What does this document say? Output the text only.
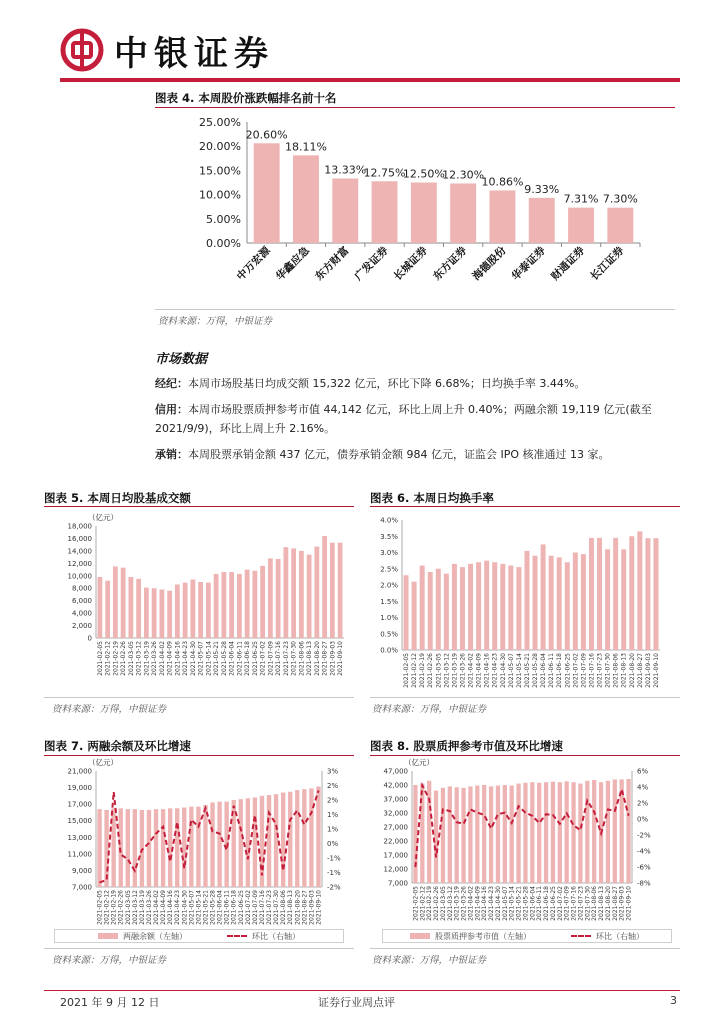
中银证券
图表 4. 本周股价涨跌幅排名前十名
0.00%
5.00%
10.00%
15.00%
20.00%
25.00%
20.60%
中万宏源
18.11%
华鑫应急
13.33%
东方财富
12.75%
广发证券
12.50%
长城证券
12.30%
东方证券
10.86%
海德股份
9.33%
华泰证券
7.31%
财通证券
7.30%
长江证券
资料来源：万得，中银证券
市场数据
经纪：本周市场股基日均成交额 15,322 亿元，环比下降 6.68%；日均换手率 3.44%。
信用：本周市场股票质押参考市值 44,142 亿元，环比上周上升 0.40%；两融余额 19,119 亿元(截至 2021/9/9)，环比上周上升 2.16%。
承销：本周股票承销金额 437 亿元，债券承销金额 984 亿元，证监会 IPO 核准通过 13 家。
图表 5. 本周日均股基成交额
（亿元）
0
2,000
4,000
6,000
8,000
10,000
12,000
14,000
16,000
18,000
2021-02-05 2021-02-12 2021-02-19 2021-02-26 2021-03-05 2021-03-12 2021-03-19 2021-03-26 2021-04-02 2021-04-09 2021-04-16 2021-04-23 2021-04-30 2021-05-07 2021-05-14 2021-05-21 2021-05-28 2021-06-04 2021-06-11 2021-06-18 2021-06-25 2021-07-02 2021-07-09 2021-07-16 2021-07-23 2021-07-30 2021-08-06 2021-08-13 2021-08-20 2021-08-27 2021-09-03 2021-09-10
资料来源：万得，中银证券
图表 6. 本周日均换手率
0.0%
0.5%
1.0%
1.5%
2.0%
2.5%
3.0%
3.5%
4.0%
2021-02-05 2021-02-12 2021-02-19 2021-02-26 2021-03-05 2021-03-12 2021-03-19 2021-03-26 2021-04-02 2021-04-09 2021-04-16 2021-04-23 2021-04-30 2021-05-07 2021-05-14 2021-05-21 2021-05-28 2021-06-04 2021-06-11 2021-06-18 2021-06-25 2021-07-02 2021-07-09 2021-07-16 2021-07-23 2021-07-30 2021-08-06 2021-08-13 2021-08-20 2021-08-27 2021-09-03 2021-09-10
资料来源：万得，中银证券
图表 7. 两融余额及环比增速
（亿元）
7,000
9,000
11,000
13,000
15,000
17,000
19,000
21,000
2021-02-05 2021-02-12 2021-02-19 2021-02-26 2021-03-05 2021-03-12 2021-03-19 2021-03-26 2021-04-02 2021-04-09 2021-04-16 2021-04-23 2021-04-30 2021-05-07 2021-05-14 2021-05-21 2021-05-28 2021-06-04 2021-06-11 2021-06-18 2021-06-25 2021-07-02 2021-07-09 2021-07-16 2021-07-23 2021-07-30 2021-08-06 2021-08-13 2021-08-20 2021-08-27 2021-09-03 2021-09-10
-2%
-1%
-1%
0%
1%
1%
2%
2%
3%
两融余额（左轴）	环比（右轴）
资料来源：万得，中银证券
图表 8. 股票质押参考市值及环比增速
（亿元）
7,000
12,000
17,000
22,000
27,000
32,000
37,000
42,000
47,000
2021-02-05 2021-02-12 2021-02-19 2021-02-26 2021-03-05 2021-03-12 2021-03-19 2021-03-26 2021-04-02 2021-04-09 2021-04-16 2021-04-23 2021-04-30 2021-05-07 2021-05-14 2021-05-21 2021-05-28 2021-06-04 2021-06-11 2021-06-18 2021-06-25 2021-07-02 2021-07-09 2021-07-16 2021-07-23 2021-07-30 2021-08-06 2021-08-13 2021-08-20 2021-08-27 2021-09-03 2021-09-10
-8%
-6%
-4%
-2%
0%
2%
4%
6%
股票质押参考市值（左轴）	环比（右轴）
资料来源：万得，中银证券
2021 年 9 月 12 日	证券行业周点评	3
